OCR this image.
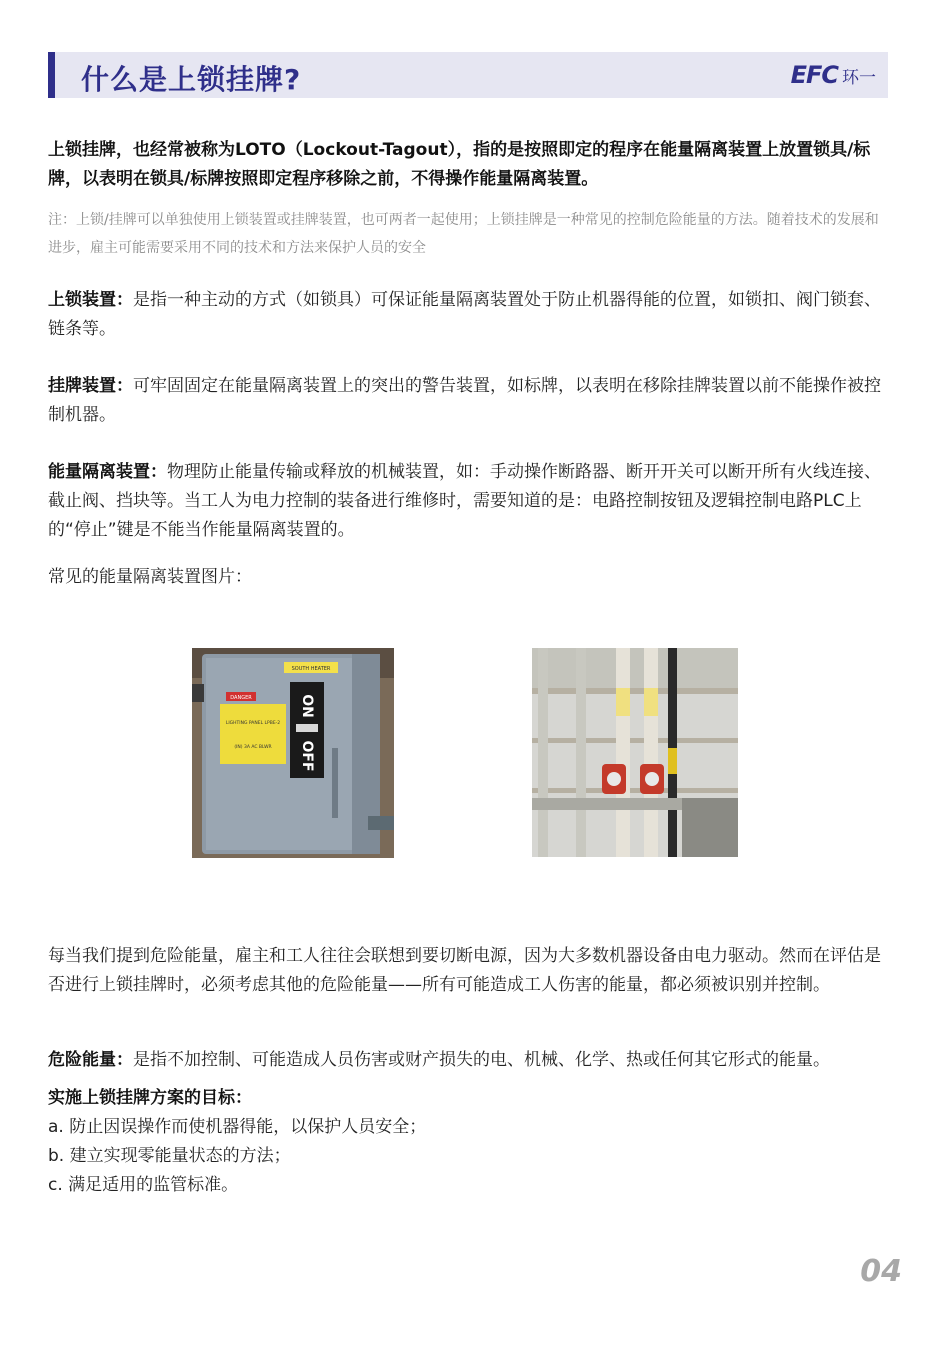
什么是上锁挂牌?	EFC 环一
上锁挂牌，也经常被称为LOTO（Lockout-Tagout），指的是按照即定的程序在能量隔离装置上放置锁具/标牌，以表明在锁具/标牌按照即定程序移除之前，不得操作能量隔离装置。
注：上锁/挂牌可以单独使用上锁装置或挂牌装置，也可两者一起使用；上锁挂牌是一种常见的控制危险能量的方法。随着技术的发展和进步，雇主可能需要采用不同的技术和方法来保护人员的安全
上锁装置：是指一种主动的方式（如锁具）可保证能量隔离装置处于防止机器得能的位置，如锁扣、阀门锁套、链条等。
挂牌装置：可牢固固定在能量隔离装置上的突出的警告装置，如标牌，以表明在移除挂牌装置以前不能操作被控制机器。
能量隔离装置：物理防止能量传输或释放的机械装置，如：手动操作断路器、断开开关可以断开所有火线连接、截止阀、挡块等。当工人为电力控制的装备进行维修时，需要知道的是：电路控制按钮及逻辑控制电路PLC上的“停止”键是不能当作能量隔离装置的。
常见的能量隔离装置图片：
SOUTH HEATER
DANGER
LIGHTING PANEL LPBE-2
(IN) 3A AC BLWR
ON
OFF
每当我们提到危险能量，雇主和工人往往会联想到要切断电源，因为大多数机器设备由电力驱动。然而在评估是否进行上锁挂牌时，必须考虑其他的危险能量——所有可能造成工人伤害的能量，都必须被识别并控制。
危险能量：是指不加控制、可能造成人员伤害或财产损失的电、机械、化学、热或任何其它形式的能量。
实施上锁挂牌方案的目标：
a. 防止因误操作而使机器得能，以保护人员安全；
b. 建立实现零能量状态的方法；
c. 满足适用的监管标准。
04
